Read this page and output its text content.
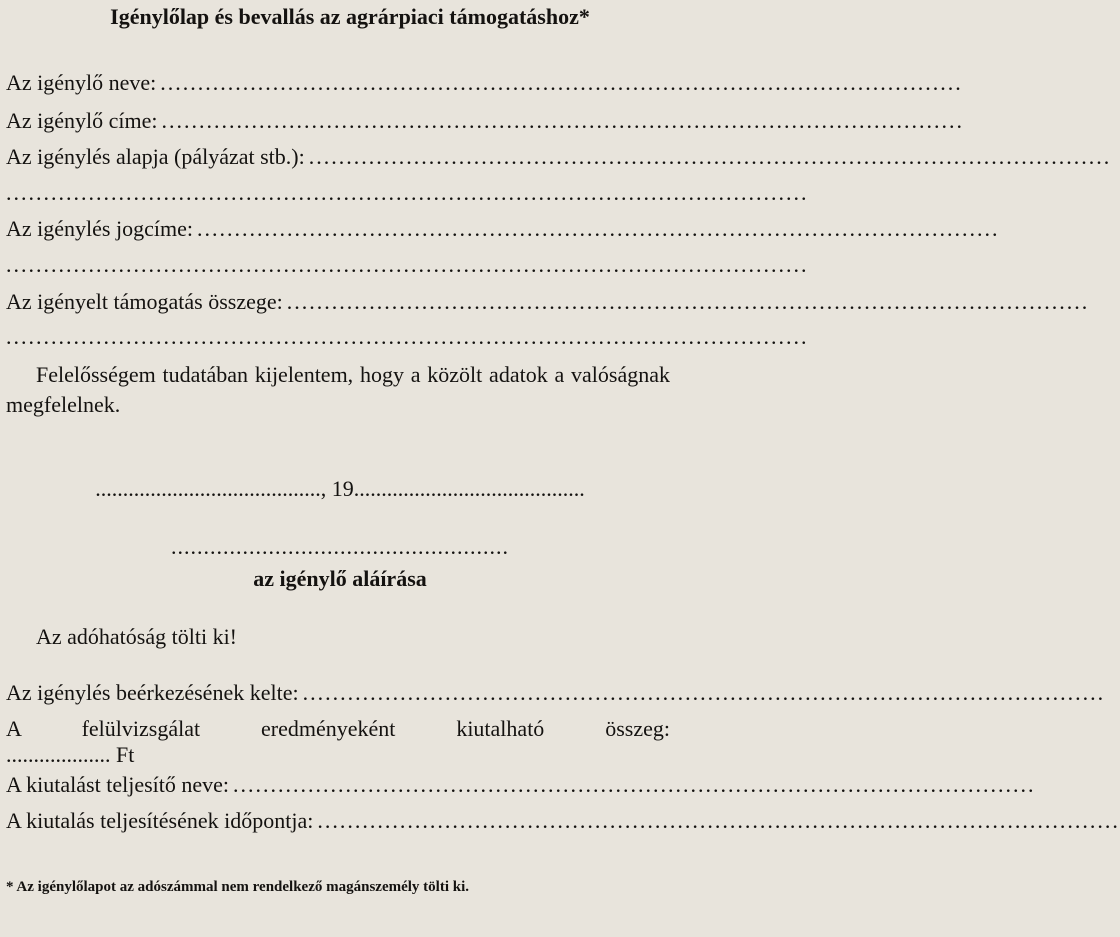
Igénylőlap és bevallás az agrárpiaci támogatáshoz*
Az igénylő neve: ...........................................................................................................
Az igénylő címe: ...........................................................................................................
Az igénylés alapja (pályázat stb.): ...........................................................................................................
...........................................................................................................
Az igénylés jogcíme: ...........................................................................................................
...........................................................................................................
Az igényelt támogatás összege: ...........................................................................................................
...........................................................................................................
Felelősségem tudatában kijelentem, hogy a közölt adatok a valóságnak megfelelnek.
........................................., 19..........................................
....................................................
az igénylő aláírása
Az adóhatóság tölti ki!
Az igénylés beérkezésének kelte: ...........................................................................................................
A felülvizsgálat eredményeként kiutalható összeg:
................... Ft
A kiutalást teljesítő neve: ...........................................................................................................
A kiutalás teljesítésének időpontja: ...........................................................................................................
* Az igénylőlapot az adószámmal nem rendelkező magánszemély tölti ki.
